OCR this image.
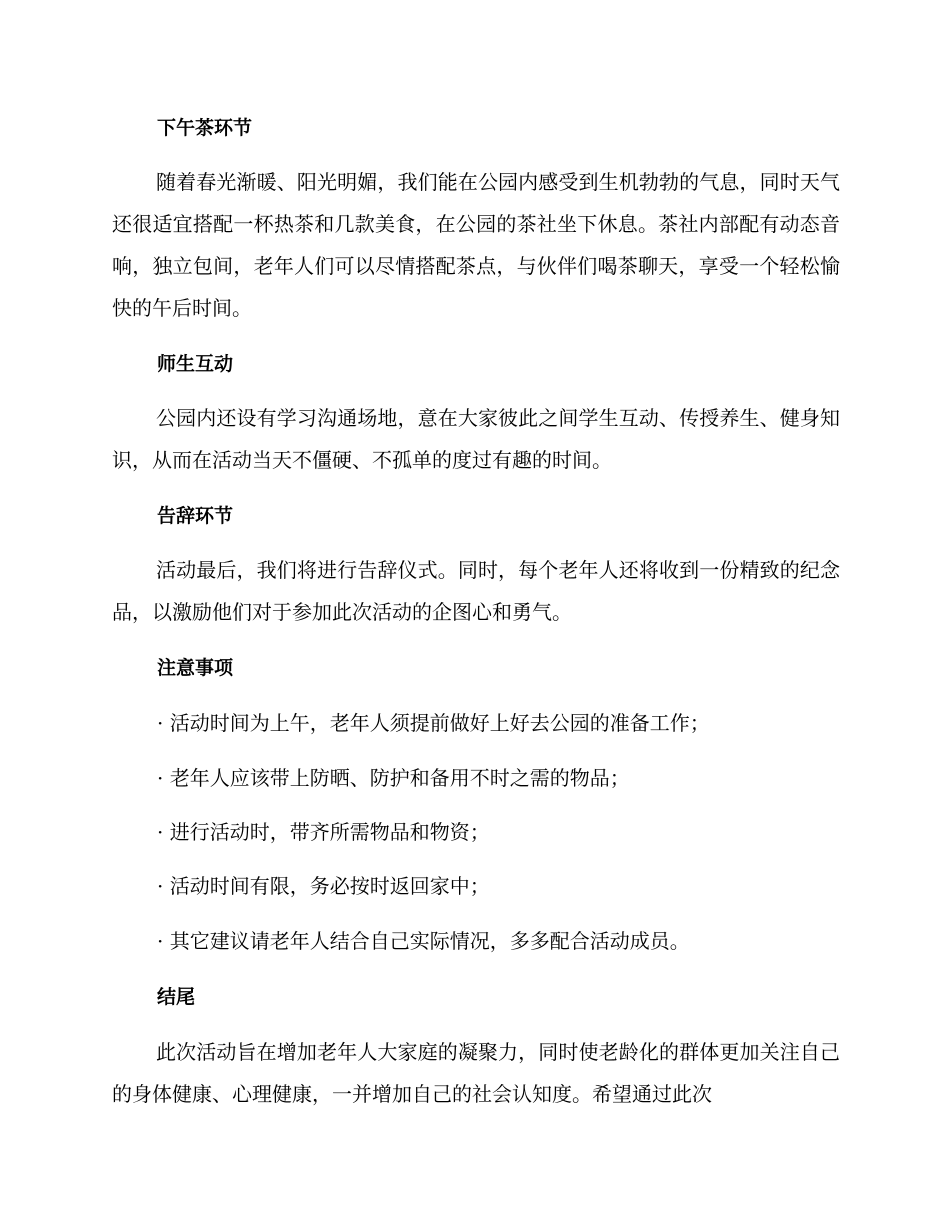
下午茶环节
随着春光渐暖、阳光明媚，我们能在公园内感受到生机勃勃的气息，同时天气还很适宜搭配一杯热茶和几款美食，在公园的茶社坐下休息。茶社内部配有动态音响，独立包间，老年人们可以尽情搭配茶点，与伙伴们喝茶聊天，享受一个轻松愉快的午后时间。
师生互动
公园内还设有学习沟通场地，意在大家彼此之间学生互动、传授养生、健身知识，从而在活动当天不僵硬、不孤单的度过有趣的时间。
告辞环节
活动最后，我们将进行告辞仪式。同时，每个老年人还将收到一份精致的纪念品，以激励他们对于参加此次活动的企图心和勇气。
注意事项
· 活动时间为上午，老年人须提前做好上好去公园的准备工作；
· 老年人应该带上防晒、防护和备用不时之需的物品；
· 进行活动时，带齐所需物品和物资；
· 活动时间有限，务必按时返回家中；
· 其它建议请老年人结合自己实际情况，多多配合活动成员。
结尾
此次活动旨在增加老年人大家庭的凝聚力，同时使老龄化的群体更加关注自己的身体健康、心理健康，一并增加自己的社会认知度。希望通过此次
